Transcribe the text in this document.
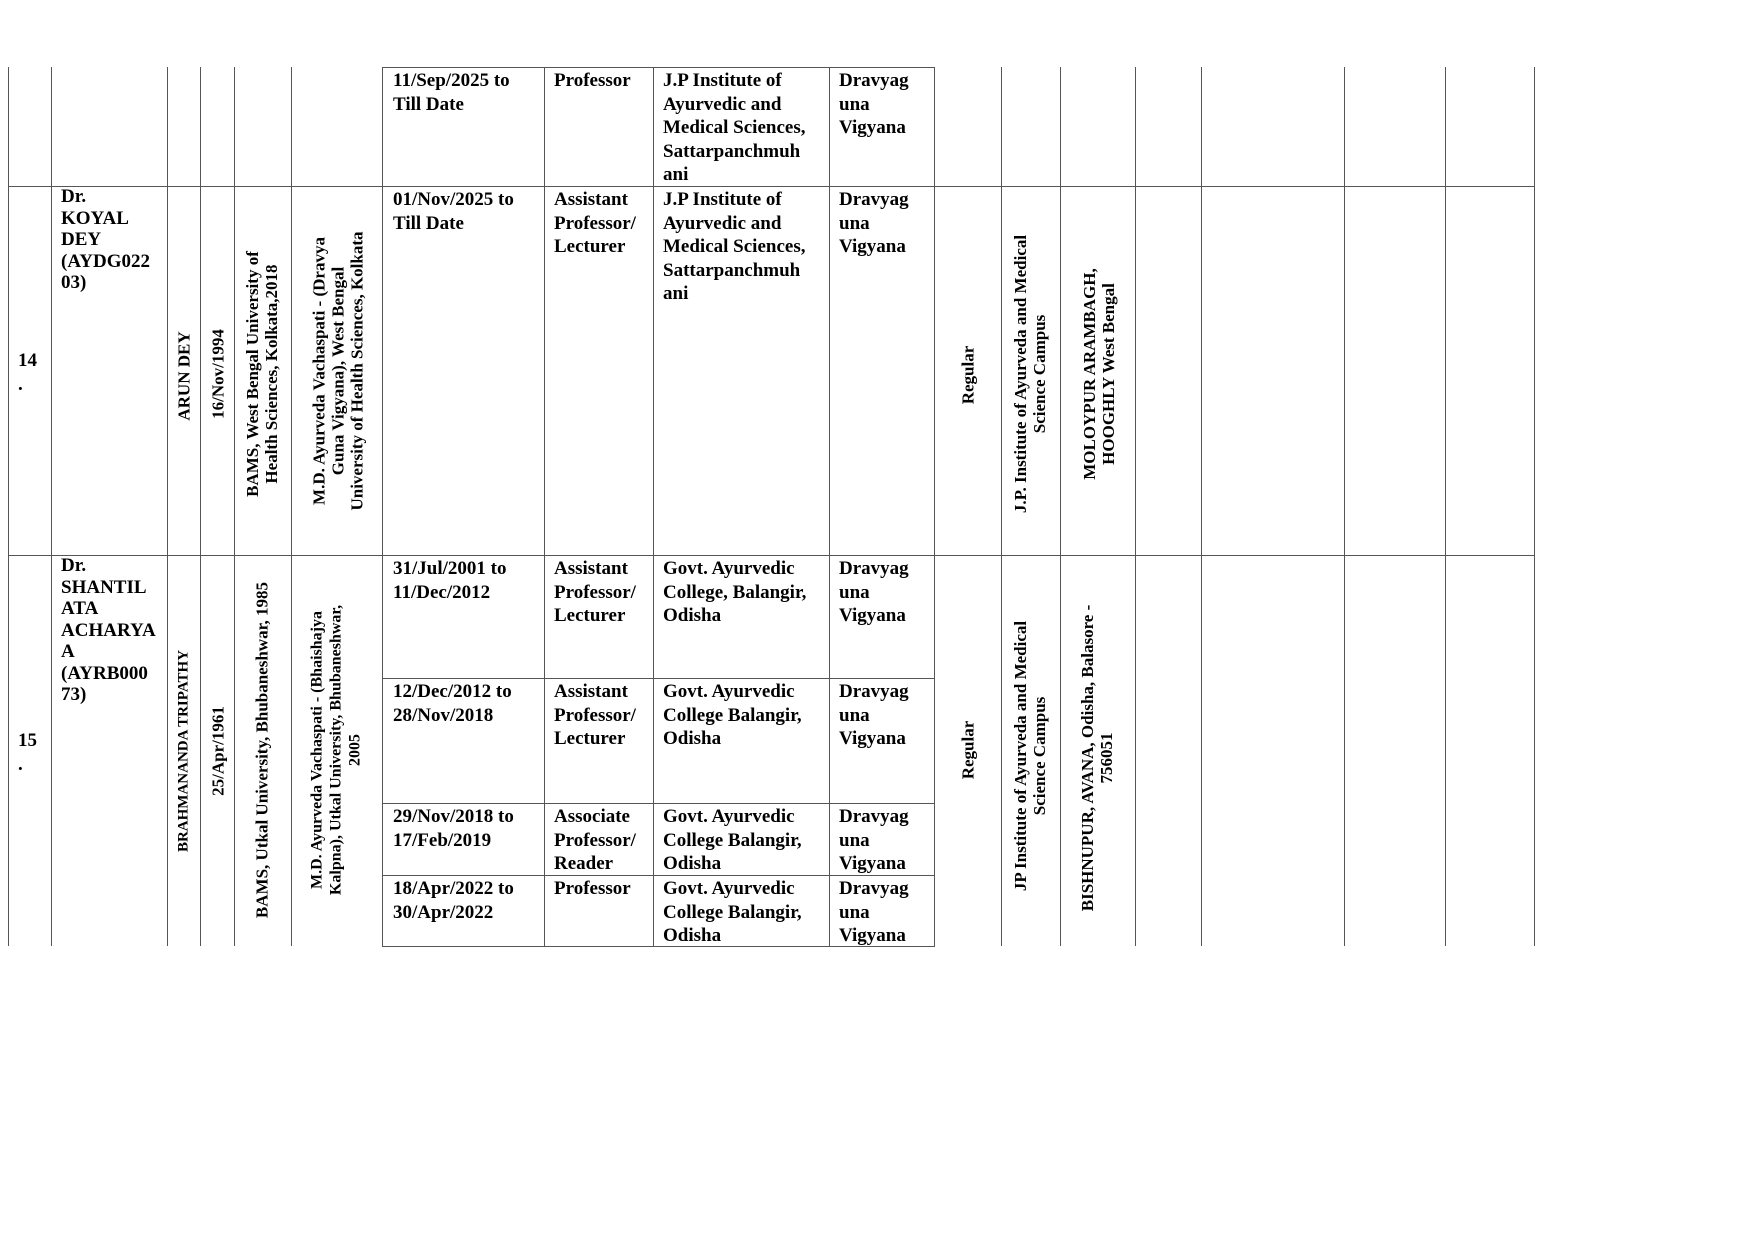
11/Sep/2025 to
Till Date
Professor J.P Institute of
Ayurvedic and
Medical Sciences,
Sattarpanchmuh
ani
Dravyag
una
Vigyana
14
.
Dr.
KOYAL
DEY
(AYDG022
03)
ARUN DEY 16/Nov/1994
BAMS, West Bengal University of
Health Sciences, Kolkata,2018
M.D. Ayurveda Vachaspati - (Dravya
Guna Vigyana), West Bengal
University of Health Sciences, Kolkata
01/Nov/2025 to
Till Date
Assistant
Professor/
Lecturer
J.P Institute of
Ayurvedic and
Medical Sciences,
Sattarpanchmuh
ani
Dravyag
una
Vigyana
Regular
J.P. Institute of Ayurveda and Medical
Science Campus
MOLOYPUR ARAMBAGH,
HOOGHLY West Bengal
15
.
Dr.
SHANTIL
ATA
ACHARYA
A
(AYRB000
73)	BRAHMANANDA TRIPATHY 25/Apr/1961 BAMS, Utkal University, Bhubaneshwar, 1985 M.D. Ayurveda Vachaspati - (Bhaishajya
Kalpna), Utkal University, Bhubaneshwar,
2005
31/Jul/2001 to
11/Dec/2012
Assistant
Professor/
Lecturer
Govt. Ayurvedic
College, Balangir,
Odisha
Dravyag
una
Vigyana
12/Dec/2012 to
28/Nov/2018
Assistant
Professor/
Lecturer
Govt. Ayurvedic
College Balangir,
Odisha
Dravyag
una
Vigyana
29/Nov/2018 to
17/Feb/2019
Associate
Professor/
Reader
Govt. Ayurvedic
College Balangir,
Odisha
Dravyag
una
Vigyana
18/Apr/2022 to
30/Apr/2022
Professor Govt. Ayurvedic
College Balangir,
Odisha
Dravyag
una
Vigyana
Regular
JP Institute of Ayurveda and Medical
Science Campus
BISHNUPUR, AVANA, Odisha, Balasore -
756051
